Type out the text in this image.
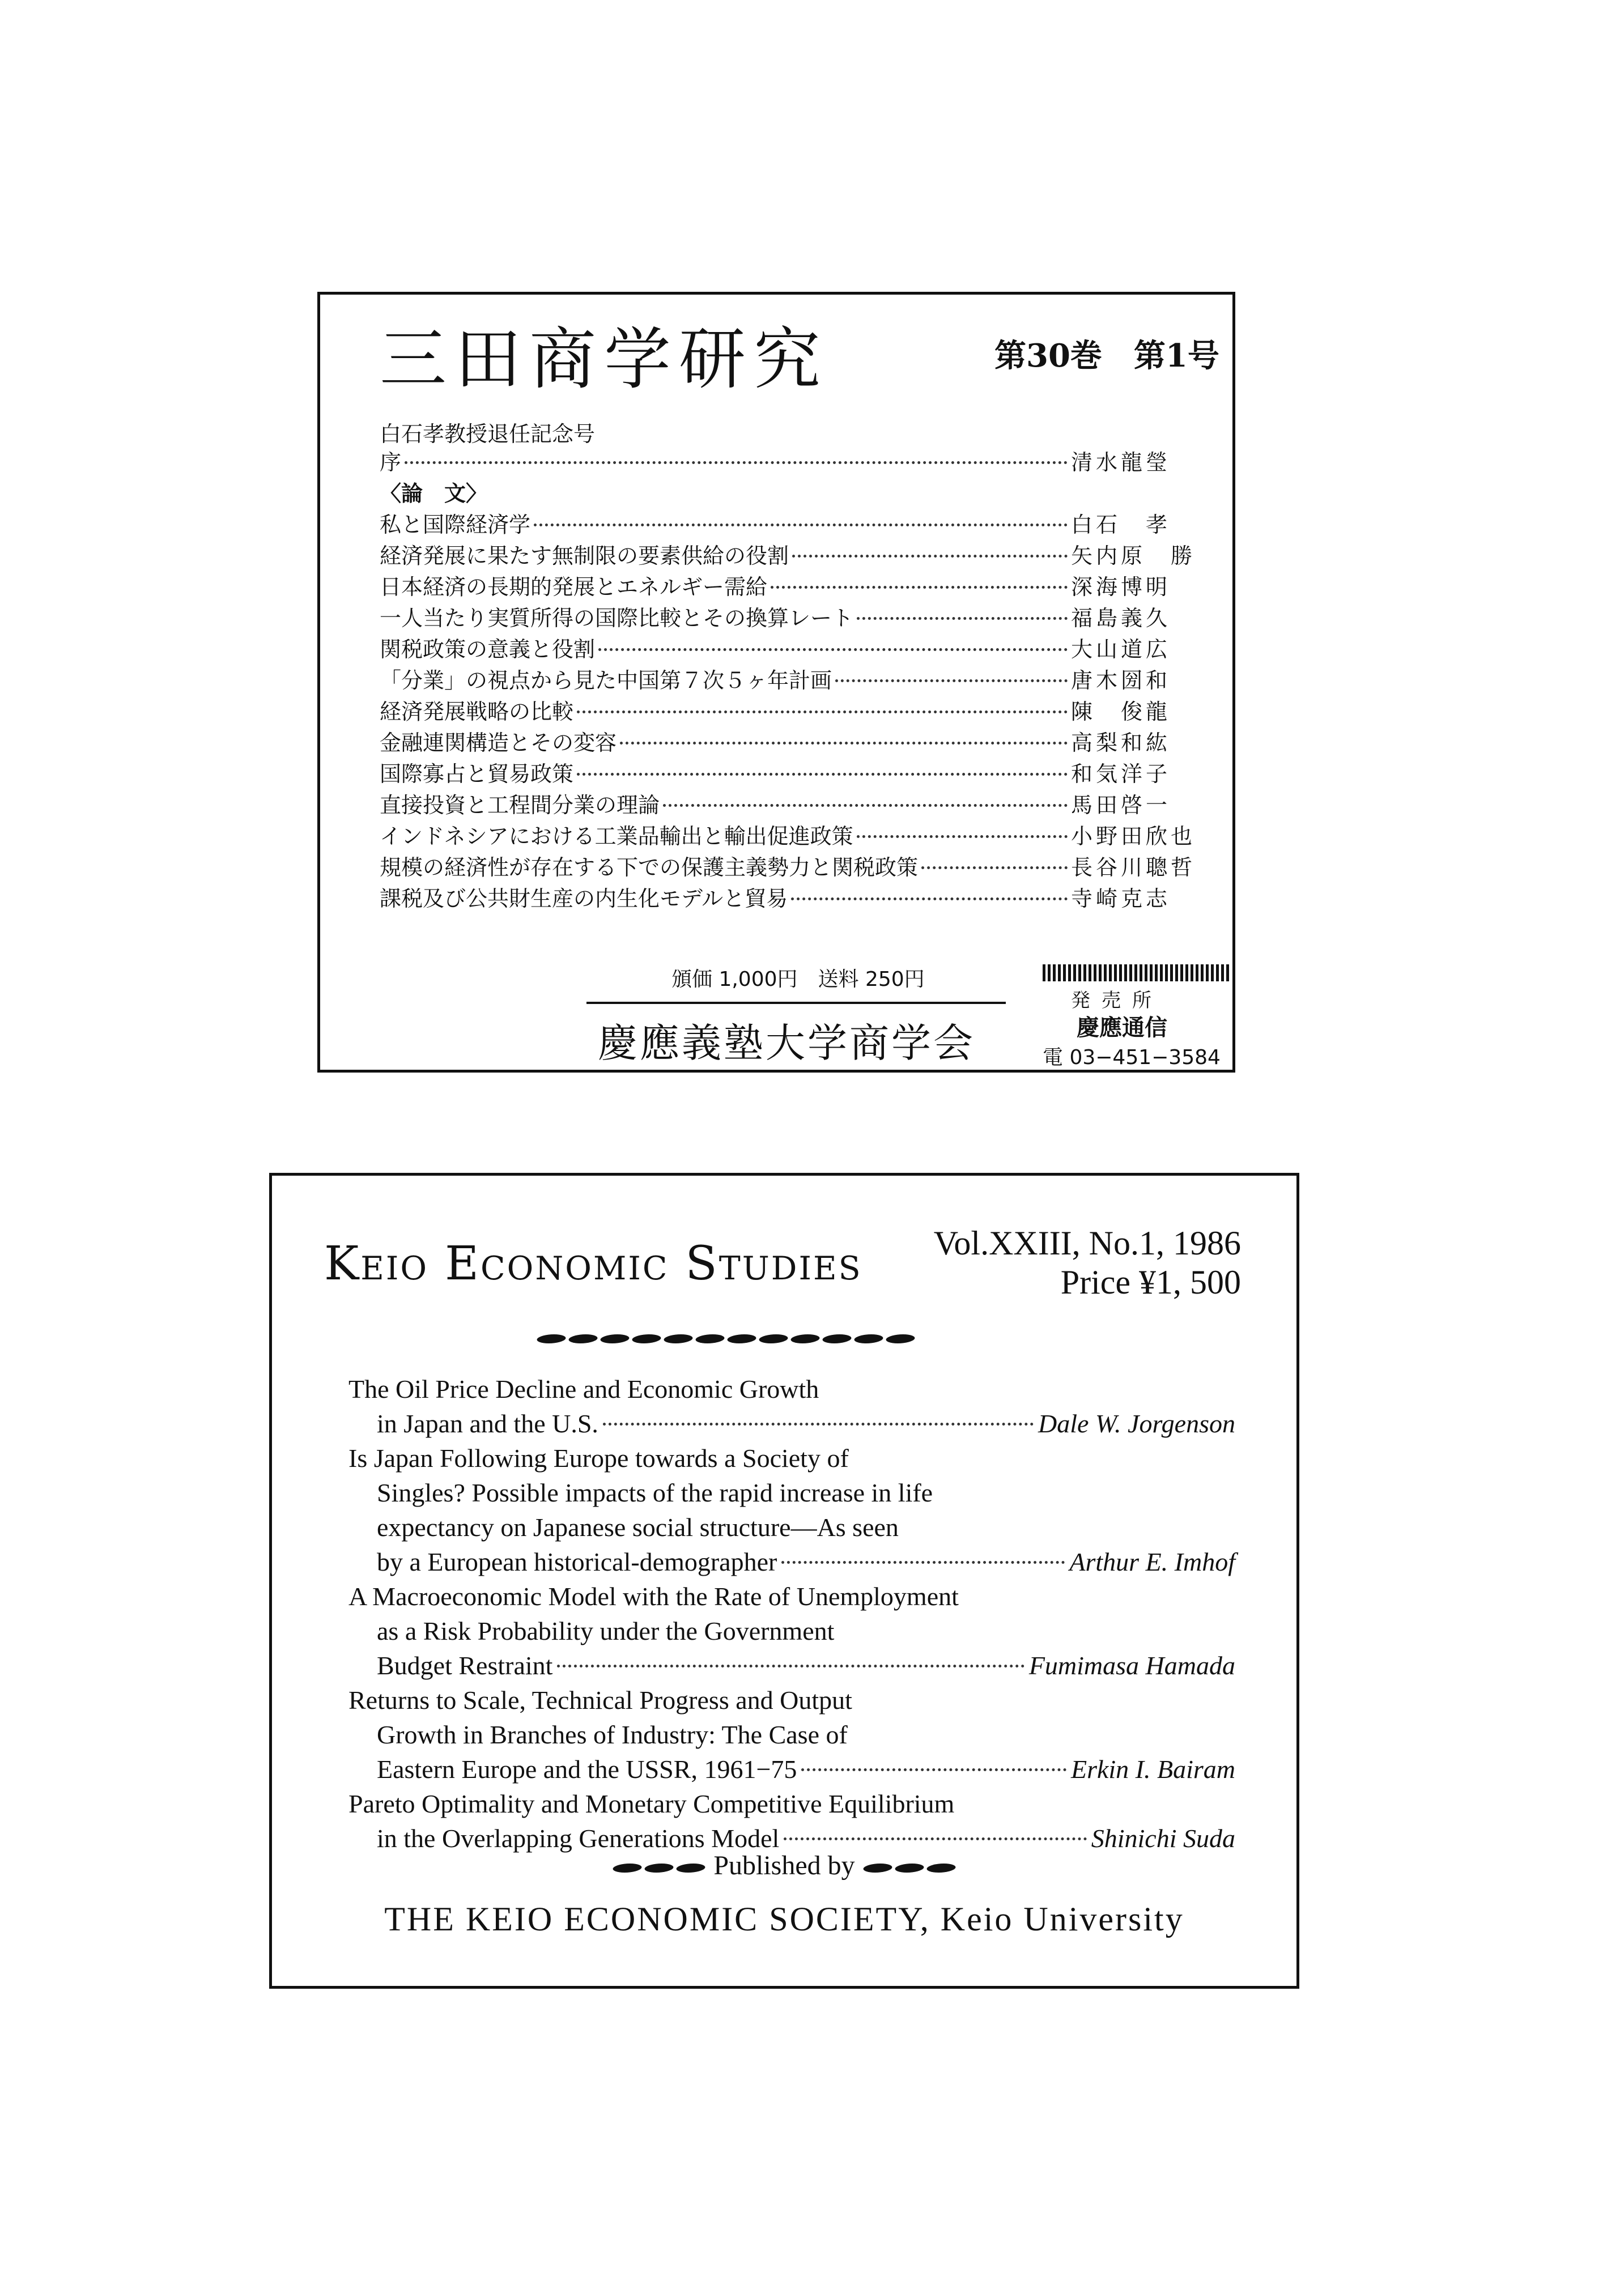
三田商学研究	第30巻　第1号
白石孝教授退任記念号
序	清水龍瑩
〈論　文〉
私と国際経済学	白石　孝
経済発展に果たす無制限の要素供給の役割	矢内原　勝
日本経済の長期的発展とエネルギー需給	深海博明
一人当たり実質所得の国際比較とその換算レート	福島義久
関税政策の意義と役割	大山道広
「分業」の視点から見た中国第７次５ヶ年計画	唐木圀和
経済発展戦略の比較	陳　俊龍
金融連関構造とその変容	高梨和紘
国際寡占と貿易政策	和気洋子
直接投資と工程間分業の理論	馬田啓一
インドネシアにおける工業品輸出と輸出促進政策	小野田欣也
規模の経済性が存在する下での保護主義勢力と関税政策	長谷川聰哲
課税及び公共財生産の内生化モデルと貿易	寺崎克志
頒価 1,000円　送料 250円
慶應義塾大学商学会
発売所
慶應通信
電 03−451−3584
Keio Economic Studies Vol.XXIII, No.1, 1986
Price ¥1, 500
The Oil Price Decline and Economic Growth
in Japan and the U.S.	Dale W. Jorgenson
Is Japan Following Europe towards a Society of
Singles? Possible impacts of the rapid increase in life
expectancy on Japanese social structure—As seen
by a European historical-demographer	Arthur E. Imhof
A Macroeconomic Model with the Rate of Unemployment
as a Risk Probability under the Government
Budget Restraint	Fumimasa Hamada
Returns to Scale, Technical Progress and Output
Growth in Branches of Industry: The Case of
Eastern Europe and the USSR, 1961−75	Erkin I. Bairam
Pareto Optimality and Monetary Competitive Equilibrium
in the Overlapping Generations Model	Shinichi Suda
Published by
THE KEIO ECONOMIC SOCIETY, Keio University
